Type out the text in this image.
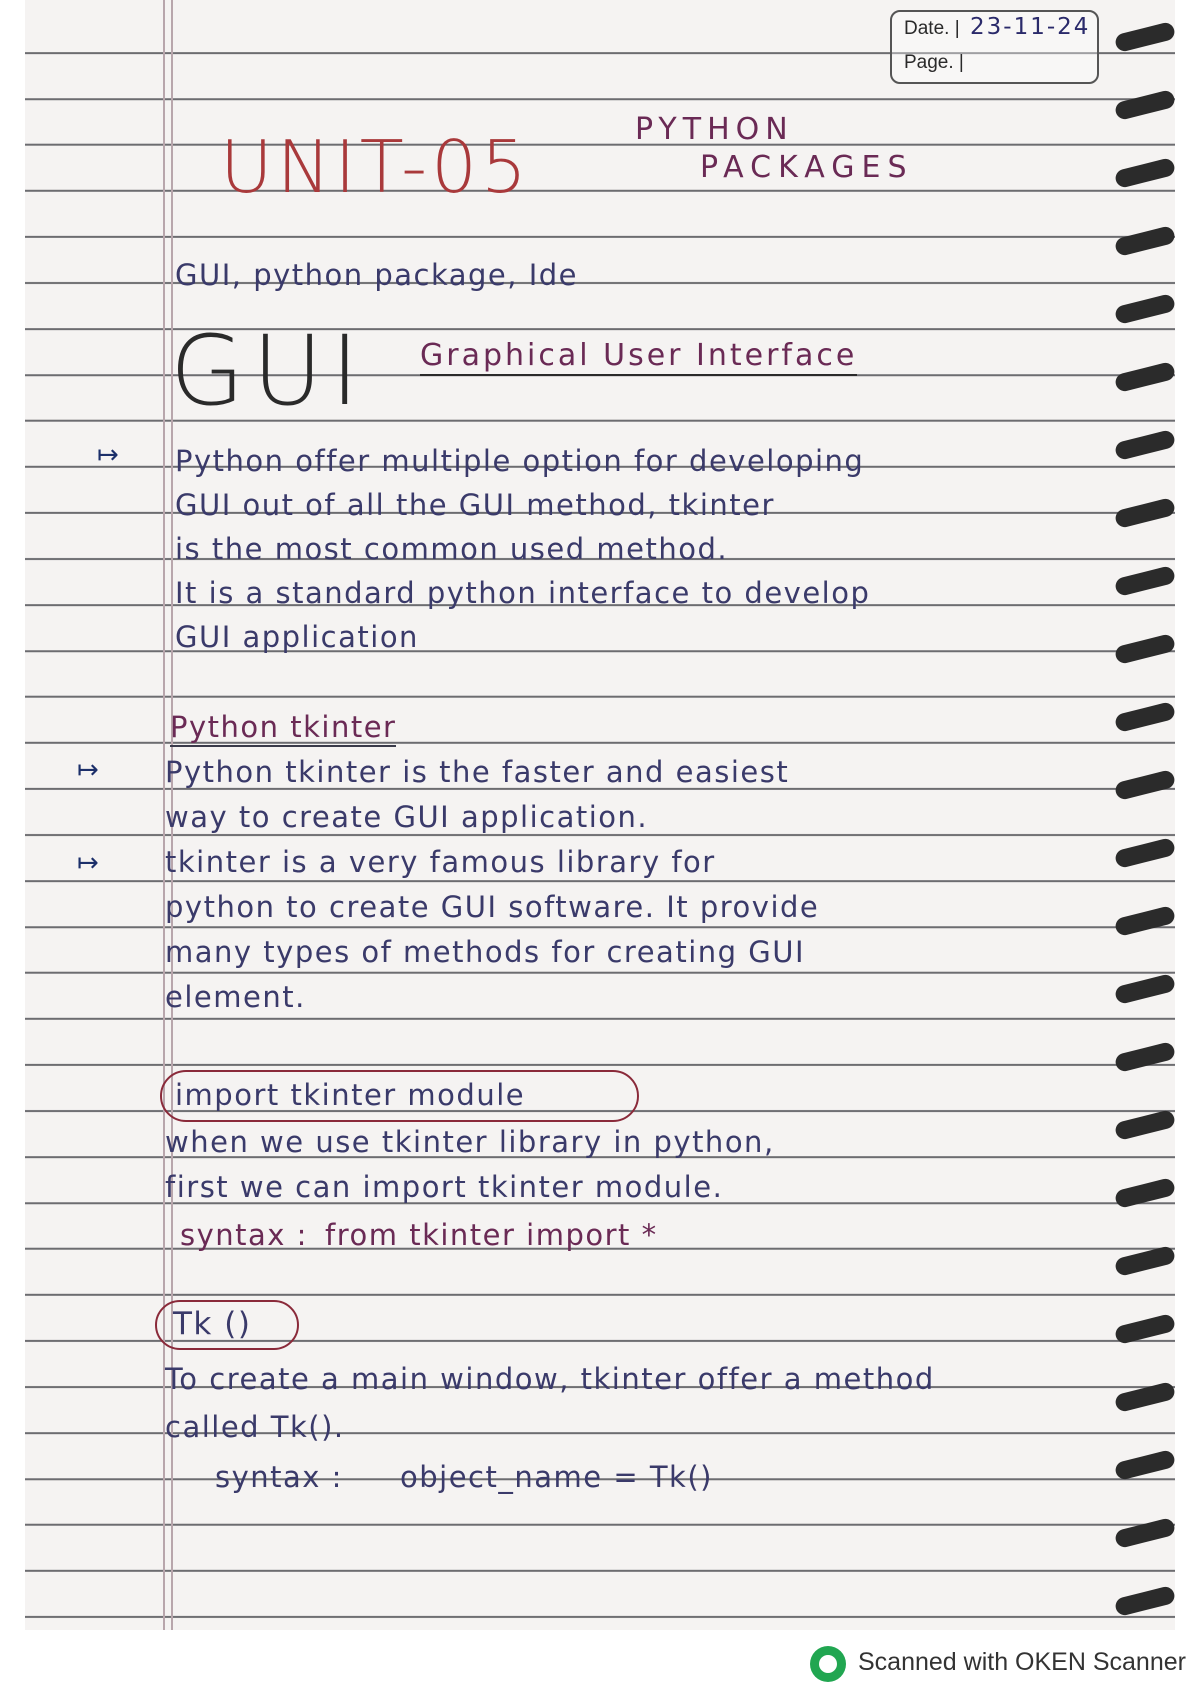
Date. | 23-11-24
Page. |
UNIT-05	PYTHON
PACKAGES
GUI, python package, Ide
GUI Graphical User Interface
↦ Python offer multiple option for developing
GUI out of all the GUI method, tkinter
is the most common used method.
It is a standard python interface to develop
GUI application
Python tkinter
↦ Python tkinter is the faster and easiest
way to create GUI application.
↦ tkinter is a very famous library for
python to create GUI software. It provide
many types of methods for creating GUI
element.
import tkinter module
when we use tkinter library in python,
first we can import tkinter module.
syntax : from tkinter import *
Tk ()
To create a main window, tkinter offer a method
called Tk().
syntax : object_name = Tk()
Scanned with OKEN Scanner
